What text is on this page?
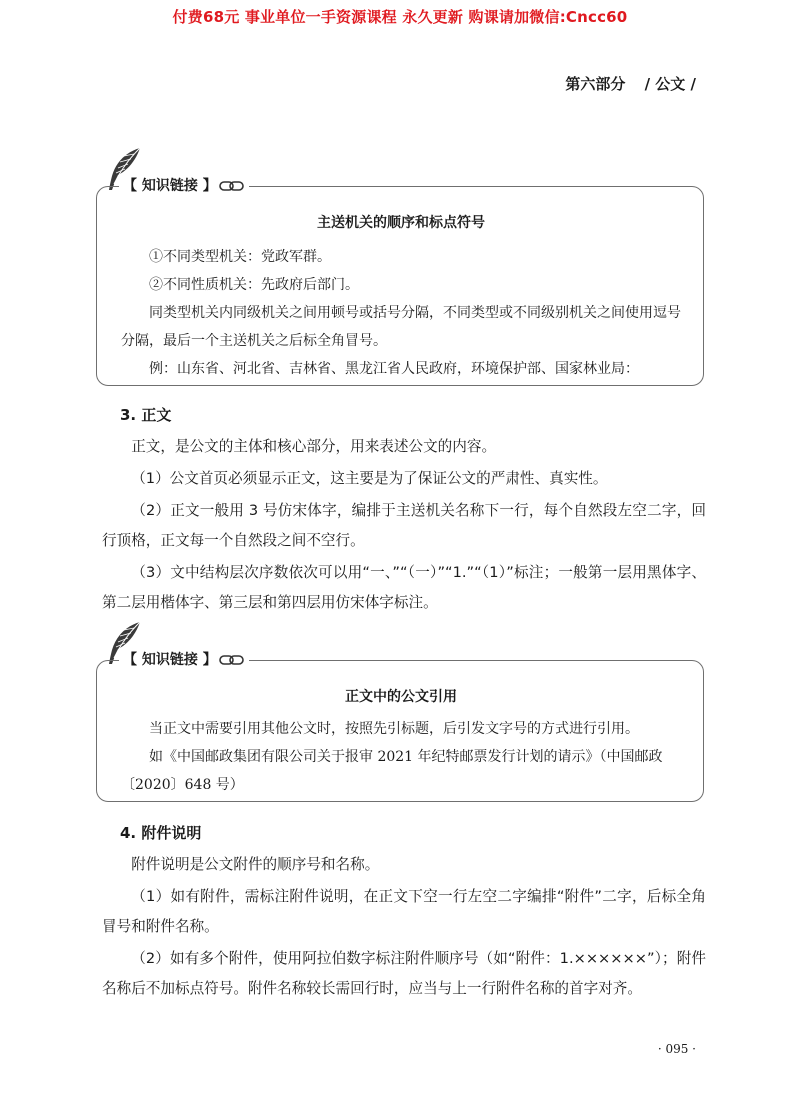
付费68元 事业单位一手资源课程 永久更新 购课请加微信:Cncc60
第六部分 / 公文 /
【 知识链接 】

主送机关的顺序和标点符号

①不同类型机关：党政军群。

②不同性质机关：先政府后部门。

同类型机关内同级机关之间用顿号或括号分隔，不同类型或不同级别机关之间使用逗号分隔，最后一个主送机关之后标全角冒号。

例：山东省、河北省、吉林省、黑龙江省人民政府，环境保护部、国家林业局：

3. 正文

正文，是公文的主体和核心部分，用来表述公文的内容。

（1）公文首页必须显示正文，这主要是为了保证公文的严肃性、真实性。

（2）正文一般用 3 号仿宋体字，编排于主送机关名称下一行，每个自然段左空二字，回行顶格，正文每一个自然段之间不空行。

（3）文中结构层次序数依次可以用“一、”“（一）”“1.”“（1）”标注；一般第一层用黑体字、第二层用楷体字、第三层和第四层用仿宋体字标注。

【 知识链接 】

正文中的公文引用

当正文中需要引用其他公文时，按照先引标题，后引发文字号的方式进行引用。

如《中国邮政集团有限公司关于报审 2021 年纪特邮票发行计划的请示》（中国邮政〔2020〕648 号）

4. 附件说明

附件说明是公文附件的顺序号和名称。

（1）如有附件，需标注附件说明，在正文下空一行左空二字编排“附件”二字，后标全角冒号和附件名称。

（2）如有多个附件，使用阿拉伯数字标注附件顺序号（如“附件：1.××××××”）；附件名称后不加标点符号。附件名称较长需回行时，应当与上一行附件名称的首字对齐。

· 095 ·
